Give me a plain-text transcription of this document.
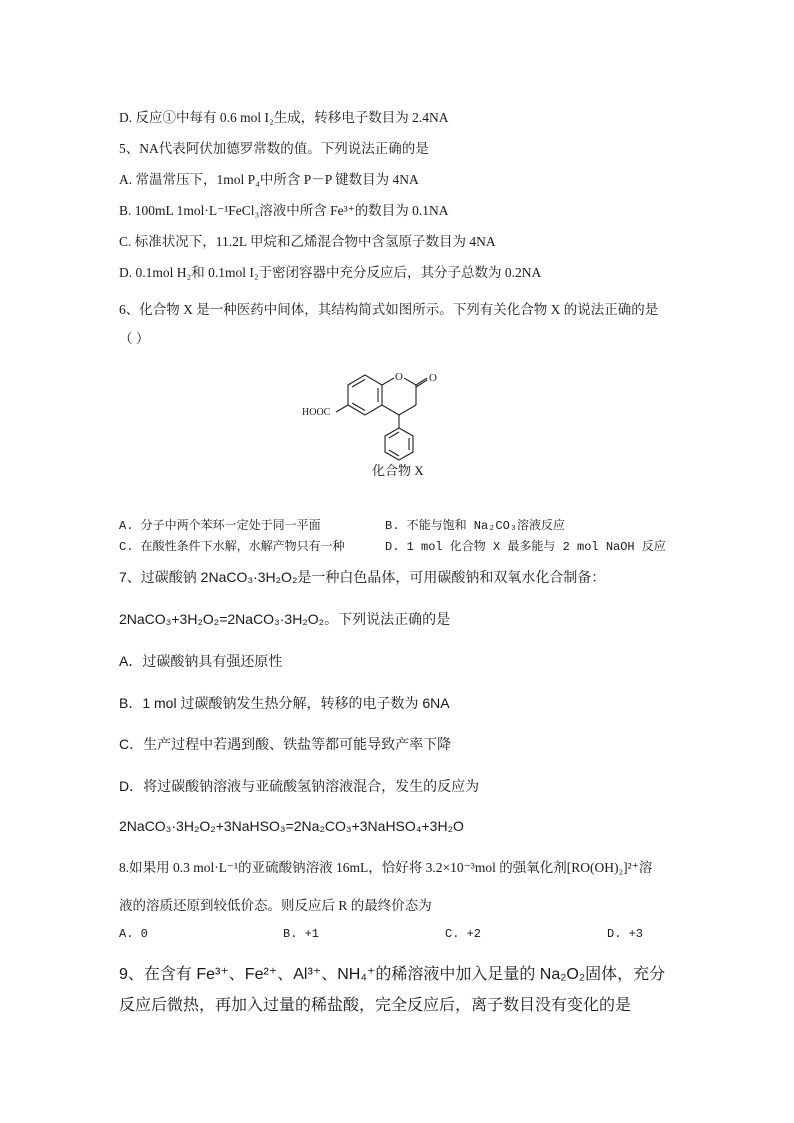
D. 反应①中每有 0.6 mol I₂生成，转移电子数目为 2.4NA
5、NA代表阿伏加德罗常数的值。下列说法正确的是
A. 常温常压下，1mol P₄中所含 P－P 键数目为 4NA
B. 100mL 1mol·L⁻¹FeCl₃溶液中所含 Fe³⁺的数目为 0.1NA
C. 标准状况下，11.2L 甲烷和乙烯混合物中含氢原子数目为 4NA
D. 0.1mol H₂和 0.1mol I₂于密闭容器中充分反应后，其分子总数为 0.2NA
6、化合物 X 是一种医药中间体，其结构简式如图所示。下列有关化合物 X 的说法正确的是
（ ）
O O
HOOC
化合物 X
A. 分子中两个苯环一定处于同一平面	B. 不能与饱和 Na₂CO₃溶液反应
C. 在酸性条件下水解，水解产物只有一种	D. 1 mol 化合物 X 最多能与 2 mol NaOH 反应
7、过碳酸钠 2NaCO₃·3H₂O₂是一种白色晶体，可用碳酸钠和双氧水化合制备：
2NaCO₃+3H₂O₂=2NaCO₃·3H₂O₂。下列说法正确的是
A．过碳酸钠具有强还原性
B．1 mol 过碳酸钠发生热分解，转移的电子数为 6NA
C．生产过程中若遇到酸、铁盐等都可能导致产率下降
D．将过碳酸钠溶液与亚硫酸氢钠溶液混合，发生的反应为
2NaCO₃·3H₂O₂+3NaHSO₃=2Na₂CO₃+3NaHSO₄+3H₂O
8.如果用 0.3 mol·L⁻¹的亚硫酸钠溶液 16mL，恰好将 3.2×10⁻³mol 的强氧化剂[RO(OH)₂]²⁺溶
液的溶质还原到较低价态。则反应后 R 的最终价态为
A. 0	B. +1	C. +2	D. +3
9、在含有 Fe³⁺、Fe²⁺、Al³⁺、NH₄⁺的稀溶液中加入足量的 Na₂O₂固体，充分
反应后微热，再加入过量的稀盐酸，完全反应后，离子数目没有变化的是
